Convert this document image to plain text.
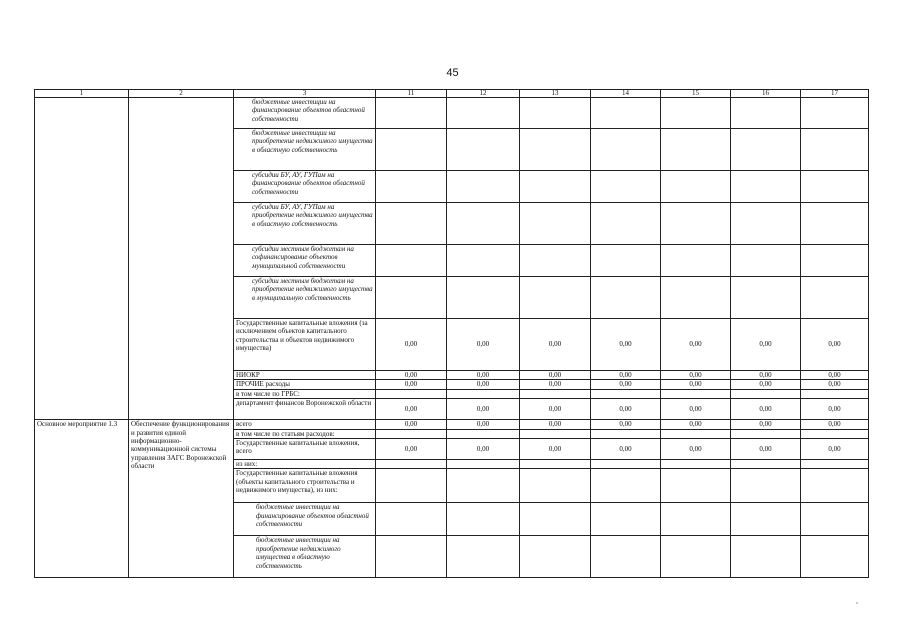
45
1	2	3	11	12	13	14	15	16	17
		бюджетные инвестиции на финансирование объектов областной собственности							
		бюджетные инвестиции на приобретение недвижимого имущества в областную собственность							
		субсидии БУ, АУ, ГУПам на финансирование объектов областной собственности							
		субсидии БУ, АУ, ГУПам на приобретение недвижимого имущества в областную собственность							
		субсидии местным бюджетам на софинансирование объектов муниципальной собственности							
		субсидии местным бюджетам на приобретение недвижимого имущества в муниципальную собственность							
		Государственные капитальные вложения (за исключением объектов капитального строительства и объектов недвижимого имущества)	0,00	0,00	0,00	0,00	0,00	0,00	0,00
		НИОКР	0,00	0,00	0,00	0,00	0,00	0,00	0,00
		ПРОЧИЕ расходы	0,00	0,00	0,00	0,00	0,00	0,00	0,00
		в том числе по ГРБС:							
		департамент финансов Воронежской области	0,00	0,00	0,00	0,00	0,00	0,00	0,00
Основное мероприятие 1.3	Обеспечение функционирования и развития единой информационно-коммуникационной системы управления ЗАГС Воронежской области	всего	0,00	0,00	0,00	0,00	0,00	0,00	0,00
		в том числе по статьям расходов:							
		Государственные капитальные вложения, всего	0,00	0,00	0,00	0,00	0,00	0,00	0,00
		из них:							
		Государственные капитальные вложения (объекты капитального строительства и недвижимого имущества), из них:							
		бюджетные инвестиции на финансирование объектов областной собственности							
		бюджетные инвестиции на приобретение недвижимого имущества в областную собственность							
